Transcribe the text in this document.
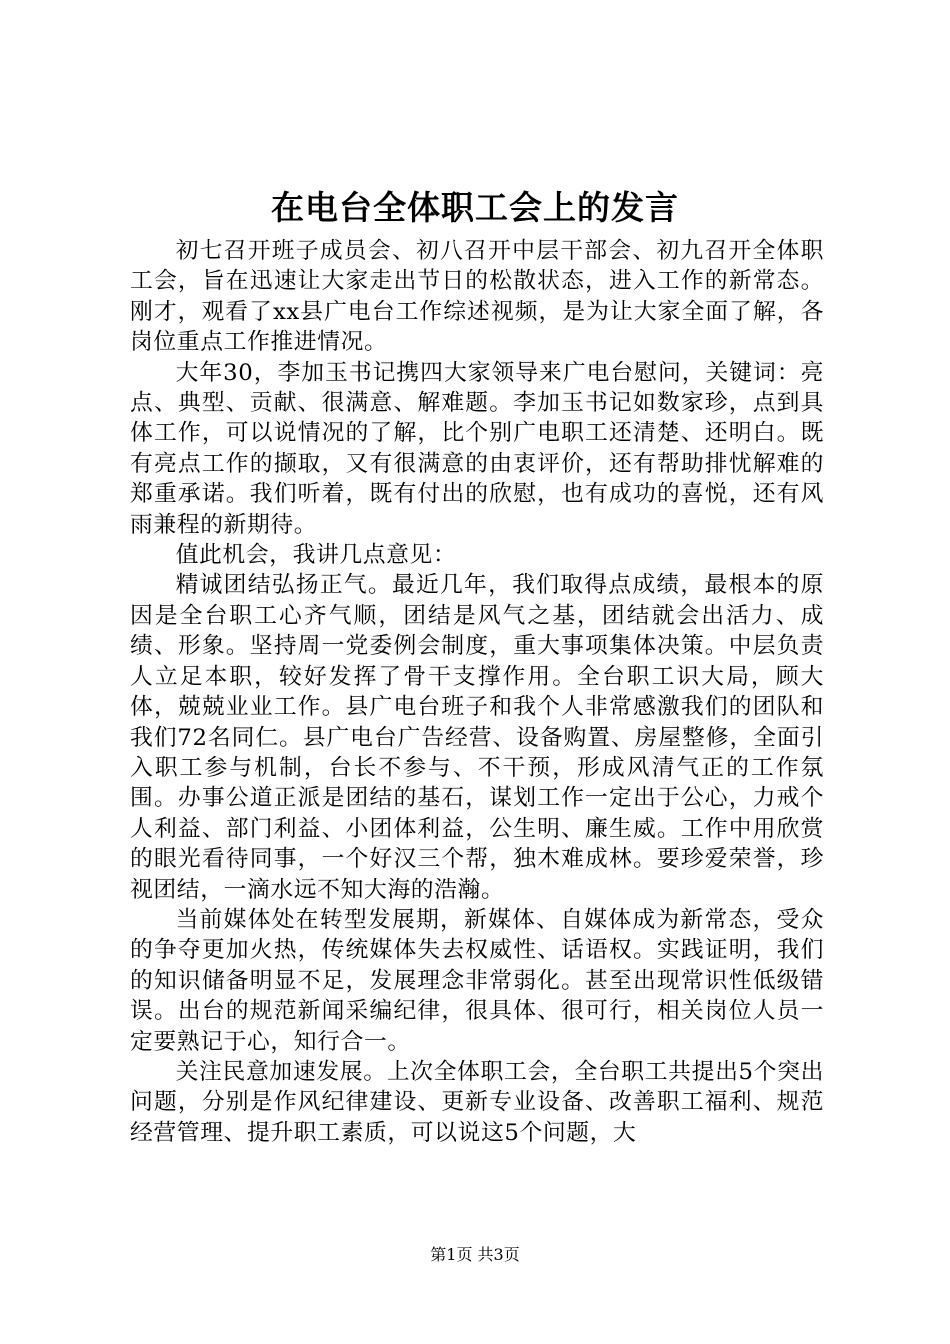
在电台全体职工会上的发言

初七召开班子成员会、初八召开中层干部会、初九召开全体职工会，旨在迅速让大家走出节日的松散状态，进入工作的新常态。刚才，观看了xx县广电台工作综述视频，是为让大家全面了解，各岗位重点工作推进情况。

大年30，李加玉书记携四大家领导来广电台慰问，关键词：亮点、典型、贡献、很满意、解难题。李加玉书记如数家珍，点到具体工作，可以说情况的了解，比个别广电职工还清楚、还明白。既有亮点工作的撷取，又有很满意的由衷评价，还有帮助排忧解难的郑重承诺。我们听着，既有付出的欣慰，也有成功的喜悦，还有风雨兼程的新期待。

值此机会，我讲几点意见：

精诚团结弘扬正气。最近几年，我们取得点成绩，最根本的原因是全台职工心齐气顺，团结是风气之基，团结就会出活力、成绩、形象。坚持周一党委例会制度，重大事项集体决策。中层负责人立足本职，较好发挥了骨干支撑作用。全台职工识大局，顾大体，兢兢业业工作。县广电台班子和我个人非常感激我们的团队和我们72名同仁。县广电台广告经营、设备购置、房屋整修，全面引入职工参与机制，台长不参与、不干预，形成风清气正的工作氛围。办事公道正派是团结的基石，谋划工作一定出于公心，力戒个人利益、部门利益、小团体利益，公生明、廉生威。工作中用欣赏的眼光看待同事，一个好汉三个帮，独木难成林。要珍爱荣誉，珍视团结，一滴水远不知大海的浩瀚。

当前媒体处在转型发展期，新媒体、自媒体成为新常态，受众的争夺更加火热，传统媒体失去权威性、话语权。实践证明，我们的知识储备明显不足，发展理念非常弱化。甚至出现常识性低级错误。出台的规范新闻采编纪律，很具体、很可行，相关岗位人员一定要熟记于心，知行合一。

关注民意加速发展。上次全体职工会，全台职工共提出5个突出问题，分别是作风纪律建设、更新专业设备、改善职工福利、规范经营管理、提升职工素质，可以说这5个问题，大

第1页 共3页
